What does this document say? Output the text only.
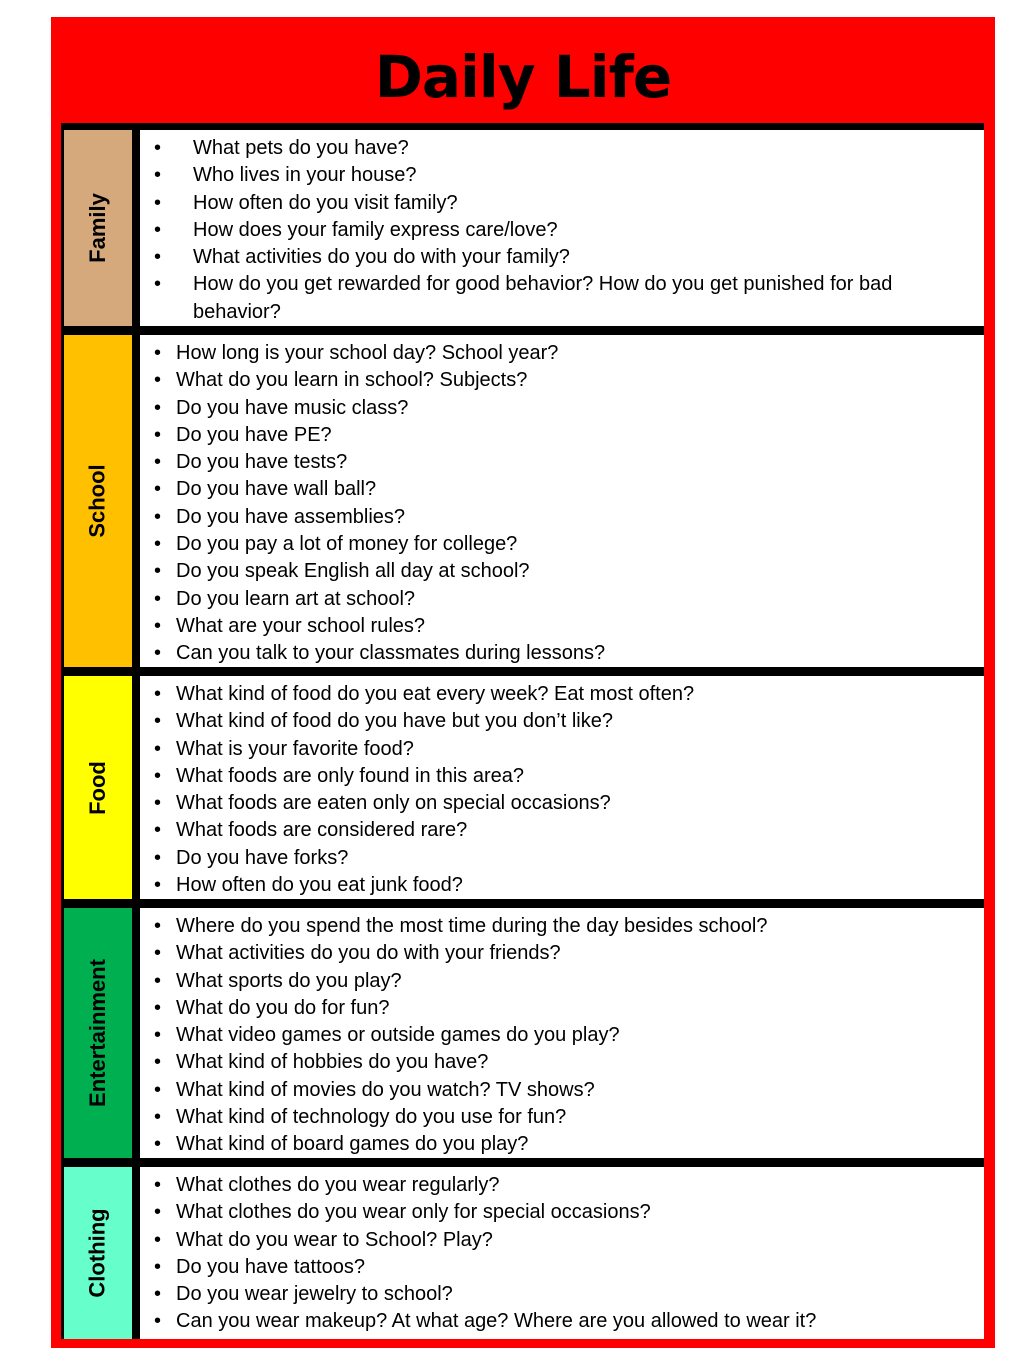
Daily Life
Family
• What pets do you have?
• Who lives in your house?
• How often do you visit family?
• How does your family express care/love?
• What activities do you do with your family?
• How do you get rewarded for good behavior? How do you get punished for bad behavior?
School
• How long is your school day? School year?
• What do you learn in school? Subjects?
• Do you have music class?
• Do you have PE?
• Do you have tests?
• Do you have wall ball?
• Do you have assemblies?
• Do you pay a lot of money for college?
• Do you speak English all day at school?
• Do you learn art at school?
• What are your school rules?
• Can you talk to your classmates during lessons?
Food
• What kind of food do you eat every week? Eat most often?
• What kind of food do you have but you don’t like?
• What is your favorite food?
• What foods are only found in this area?
• What foods are eaten only on special occasions?
• What foods are considered rare?
• Do you have forks?
• How often do you eat junk food?
Entertainment
• Where do you spend the most time during the day besides school?
• What activities do you do with your friends?
• What sports do you play?
• What do you do for fun?
• What video games or outside games do you play?
• What kind of hobbies do you have?
• What kind of movies do you watch? TV shows?
• What kind of technology do you use for fun?
• What kind of board games do you play?
Clothing
• What clothes do you wear regularly?
• What clothes do you wear only for special occasions?
• What do you wear to School? Play?
• Do you have tattoos?
• Do you wear jewelry to school?
• Can you wear makeup? At what age? Where are you allowed to wear it?
